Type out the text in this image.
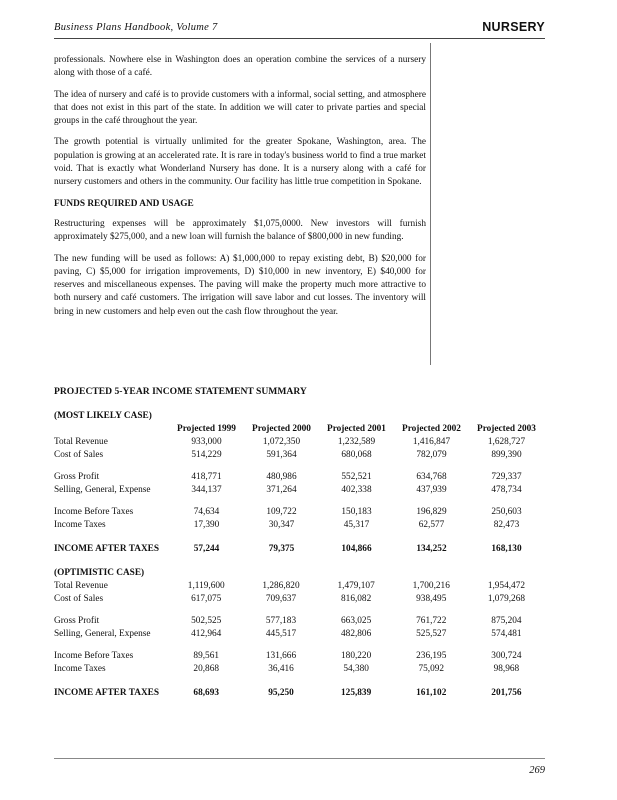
Business Plans Handbook, Volume 7	NURSERY

professionals. Nowhere else in Washington does an operation combine the services of a nursery along with those of a café.

The idea of nursery and café is to provide customers with a informal, social setting, and atmosphere that does not exist in this part of the state. In addition we will cater to private parties and special groups in the café throughout the year.

The growth potential is virtually unlimited for the greater Spokane, Washington, area. The population is growing at an accelerated rate. It is rare in today's business world to find a true market void. That is exactly what Wonderland Nursery has done. It is a nursery along with a café for nursery customers and others in the community. Our facility has little true competition in Spokane.

FUNDS REQUIRED AND USAGE

Restructuring expenses will be approximately $1,075,0000. New investors will furnish approximately $275,000, and a new loan will furnish the balance of $800,000 in new funding.

The new funding will be used as follows: A) $1,000,000 to repay existing debt, B) $20,000 for paving, C) $5,000 for irrigation improvements, D) $10,000 in new inventory, E) $40,000 for reserves and miscellaneous expenses. The paving will make the property much more attractive to both nursery and café customers. The irrigation will save labor and cut losses. The inventory will bring in new customers and help even out the cash flow throughout the year.

PROJECTED 5-YEAR INCOME STATEMENT SUMMARY
(MOST LIKELY CASE)					
	Projected 1999	Projected 2000	Projected 2001	Projected 2002	Projected 2003
Total Revenue	933,000	1,072,350	1,232,589	1,416,847	1,628,727
Cost of Sales	514,229	591,364	680,068	782,079	899,390

Gross Profit	418,771	480,986	552,521	634,768	729,337
Selling, General, Expense	344,137	371,264	402,338	437,939	478,734

Income Before Taxes	74,634	109,722	150,183	196,829	250,603
Income Taxes	17,390	30,347	45,317	62,577	82,473

INCOME AFTER TAXES	57,244	79,375	104,866	134,252	168,130
(OPTIMISTIC CASE)					
Total Revenue	1,119,600	1,286,820	1,479,107	1,700,216	1,954,472
Cost of Sales	617,075	709,637	816,082	938,495	1,079,268

Gross Profit	502,525	577,183	663,025	761,722	875,204
Selling, General, Expense	412,964	445,517	482,806	525,527	574,481

Income Before Taxes	89,561	131,666	180,220	236,195	300,724
Income Taxes	20,868	36,416	54,380	75,092	98,968

INCOME AFTER TAXES	68,693	95,250	125,839	161,102	201,756
269
